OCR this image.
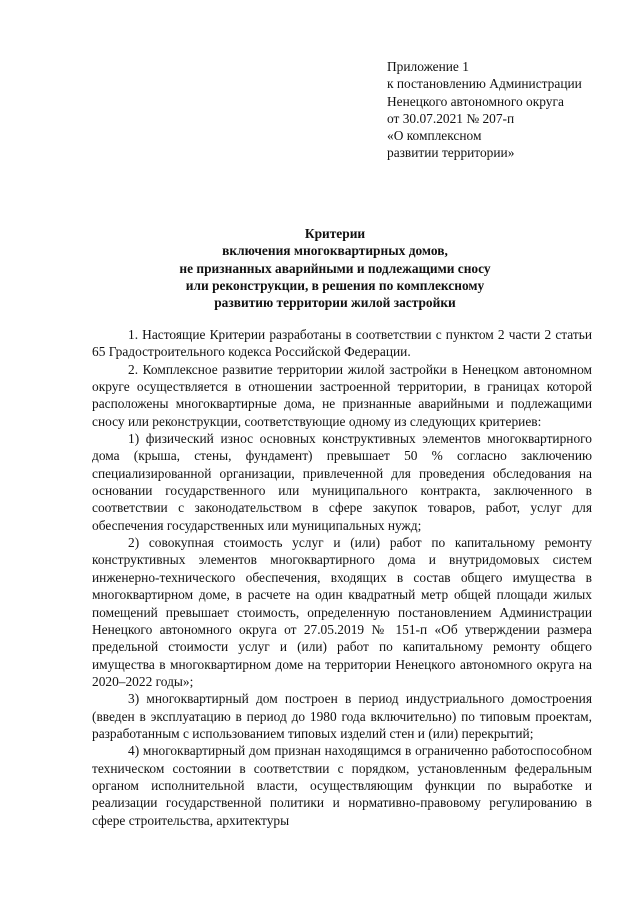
Приложение 1
к постановлению Администрации
Ненецкого автономного округа
от 30.07.2021 № 207-п
«О комплексном
развитии территории»
Критерии
включения многоквартирных домов,
не признанных аварийными и подлежащими сносу
или реконструкции, в решения по комплексному
развитию территории жилой застройки

1. Настоящие Критерии разработаны в соответствии с пунктом 2 части 2 статьи 65 Градостроительного кодекса Российской Федерации.

2. Комплексное развитие территории жилой застройки в Ненецком автономном округе осуществляется в отношении застроенной территории, в границах которой расположены многоквартирные дома, не признанные аварийными и подлежащими сносу или реконструкции, соответствующие одному из следующих критериев:

1) физический износ основных конструктивных элементов многоквартирного дома (крыша, стены, фундамент) превышает 50 % согласно заключению специализированной организации, привлеченной для проведения обследования на основании государственного или муниципального контракта, заключенного в соответствии с законодательством в сфере закупок товаров, работ, услуг для обеспечения государственных или муниципальных нужд;

2) совокупная стоимость услуг и (или) работ по капитальному ремонту конструктивных элементов многоквартирного дома и внутридомовых систем инженерно-технического обеспечения, входящих в состав общего имущества в многоквартирном доме, в расчете на один квадратный метр общей площади жилых помещений превышает стоимость, определенную постановлением Администрации Ненецкого автономного округа от 27.05.2019 № 151-п «Об утверждении размера предельной стоимости услуг и (или) работ по капитальному ремонту общего имущества в многоквартирном доме на территории Ненецкого автономного округа на 2020–2022 годы»;

3) многоквартирный дом построен в период индустриального домостроения (введен в эксплуатацию в период до 1980 года включительно) по типовым проектам, разработанным с использованием типовых изделий стен и (или) перекрытий;

4) многоквартирный дом признан находящимся в ограниченно работоспособном техническом состоянии в соответствии с порядком, установленным федеральным органом исполнительной власти, осуществляющим функции по выработке и реализации государственной политики и нормативно-правовому регулированию в сфере строительства, архитектуры
